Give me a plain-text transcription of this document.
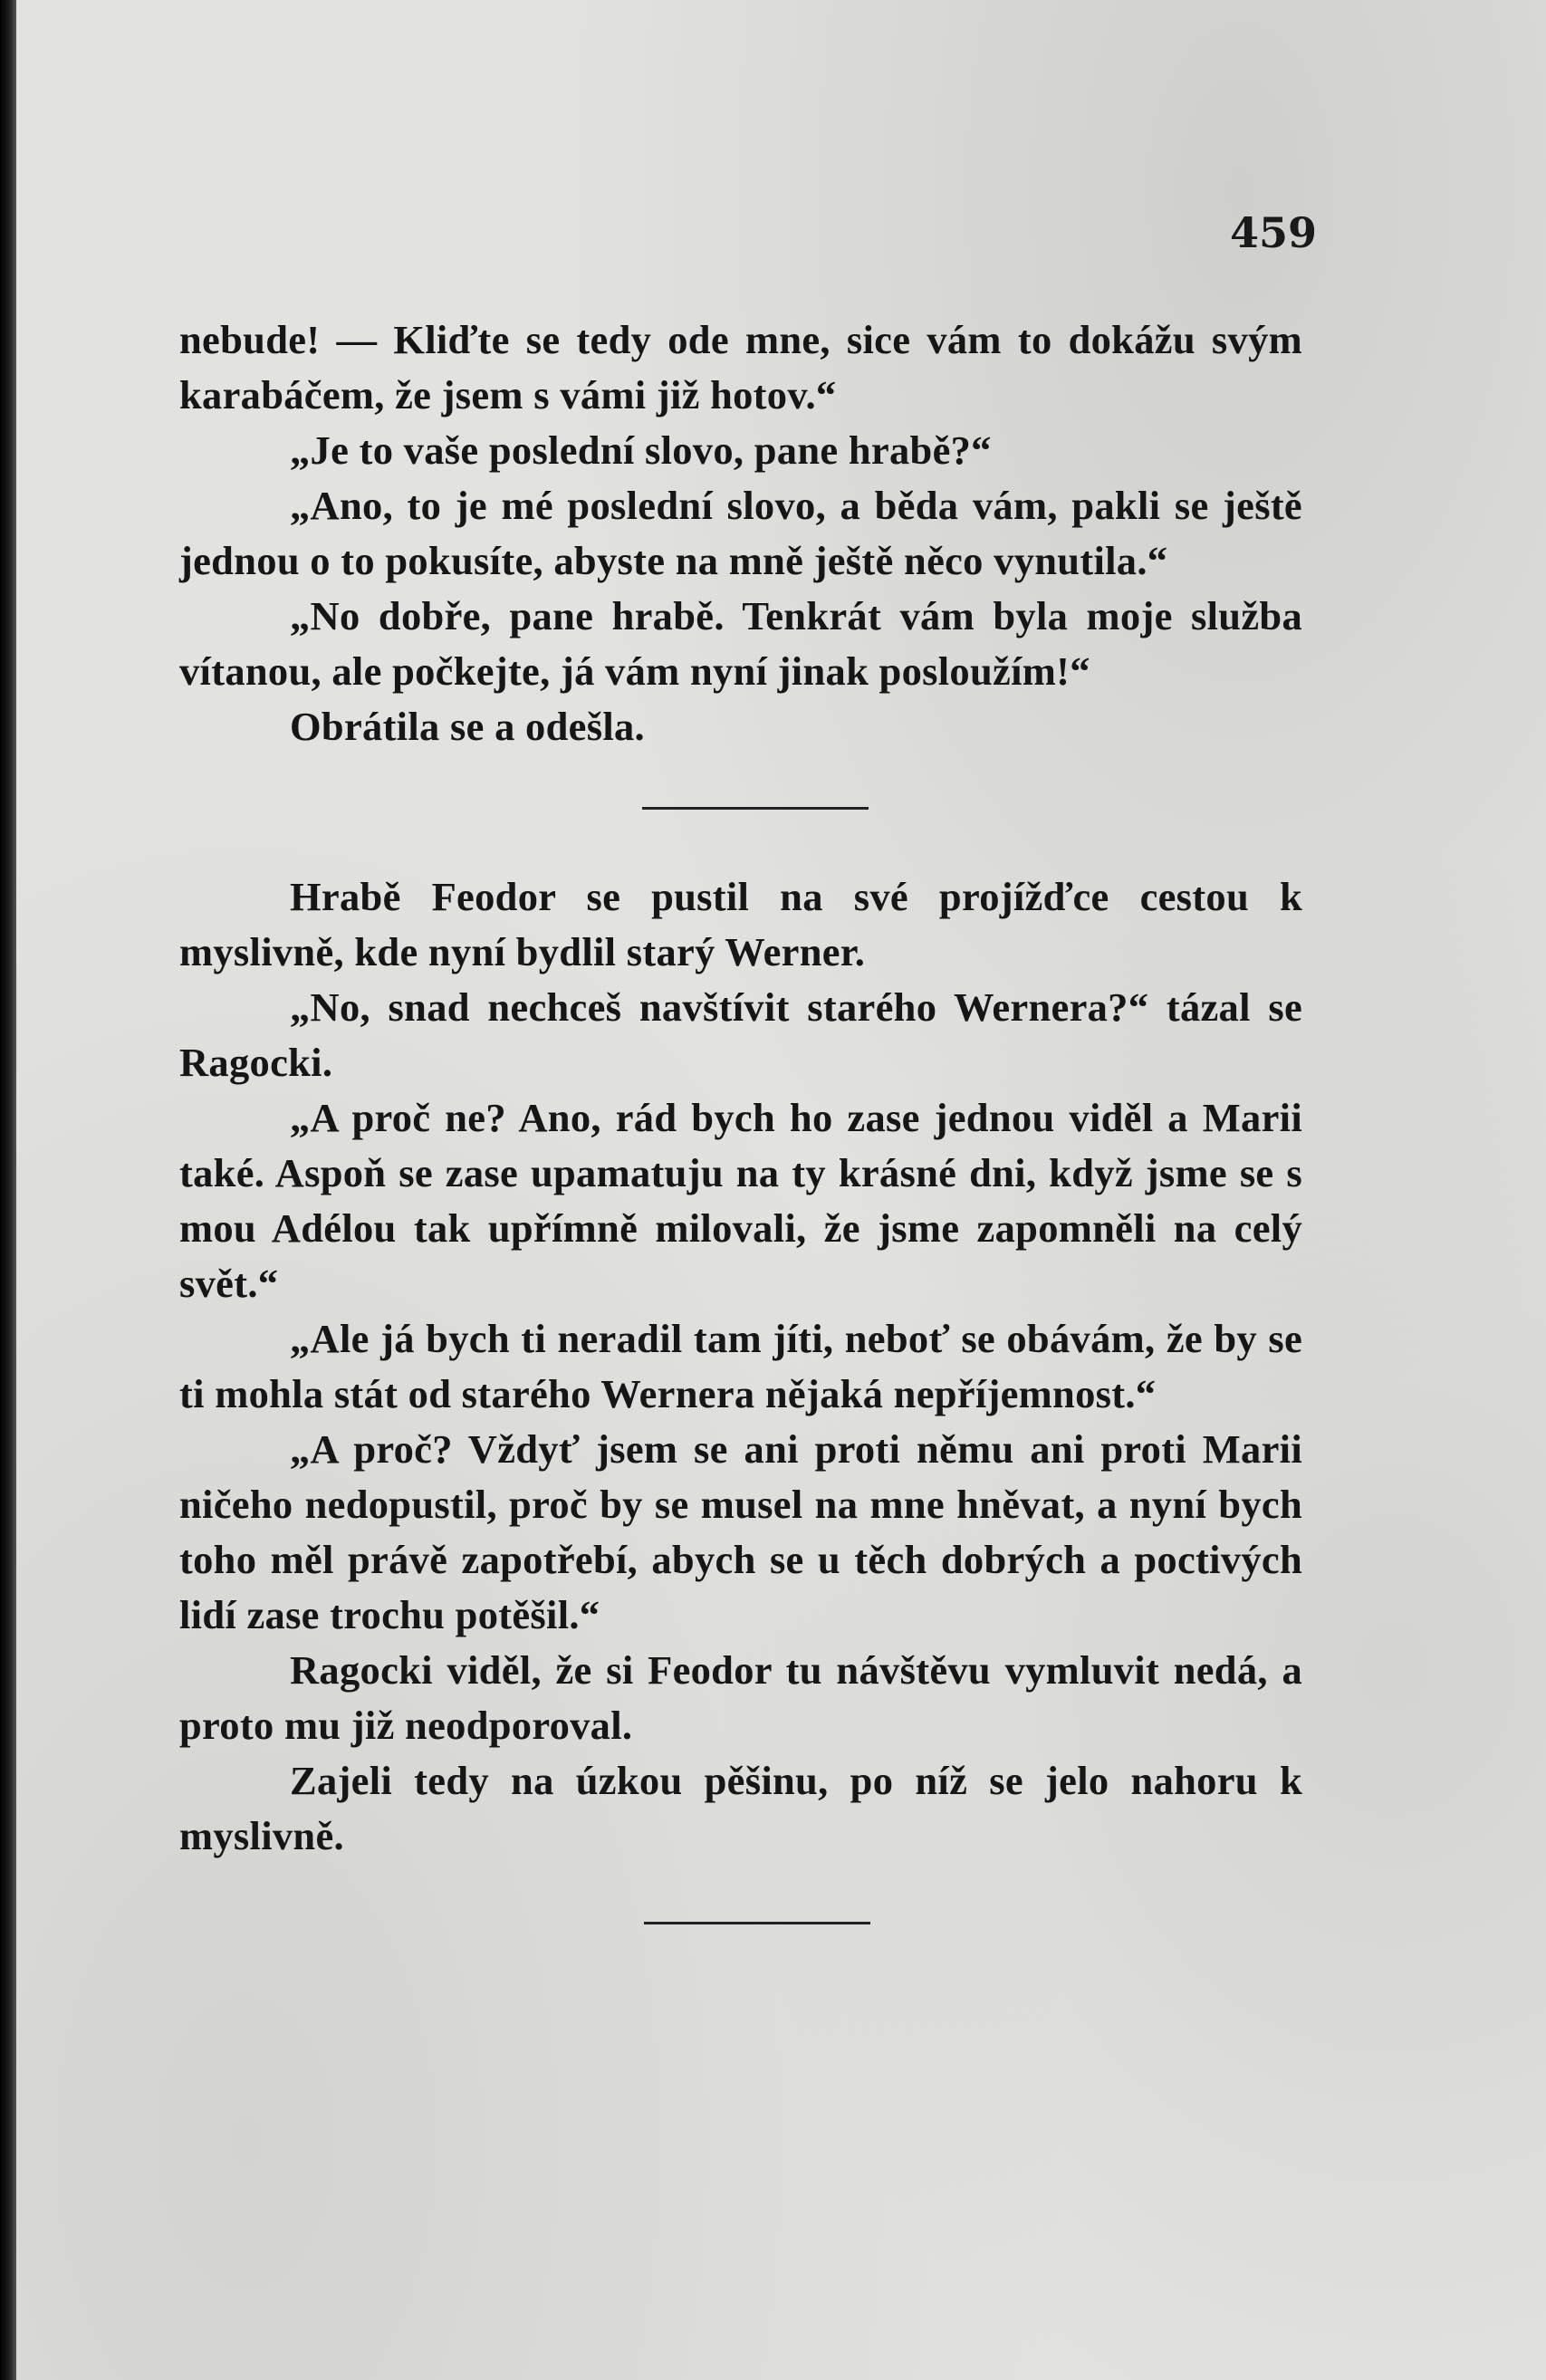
459

nebude! — Kliďte se tedy ode mne, sice vám to dokážu svým karabáčem, že jsem s vámi již hotov.“

„Je to vaše poslední slovo, pane hrabě?“

„Ano, to je mé poslední slovo, a běda vám, pakli se ještě jednou o to pokusíte, abyste na mně ještě něco vynutila.“

„No dobře, pane hrabě. Tenkrát vám byla moje služba vítanou, ale počkejte, já vám nyní jinak posloužím!“

Obrátila se a odešla.

Hrabě Feodor se pustil na své projížďce cestou k myslivně, kde nyní bydlil starý Werner.

„No, snad nechceš navštívit starého Wernera?“ tázal se Ragocki.

„A proč ne? Ano, rád bych ho zase jednou viděl a Marii také. Aspoň se zase upamatuju na ty krásné dni, když jsme se s mou Adélou tak upřímně milovali, že jsme zapomněli na celý svět.“

„Ale já bych ti neradil tam jíti, neboť se obávám, že by se ti mohla stát od starého Wernera nějaká nepříjemnost.“

„A proč? Vždyť jsem se ani proti němu ani proti Marii ničeho nedopustil, proč by se musel na mne hněvat, a nyní bych toho měl právě zapotřebí, abych se u těch dobrých a poctivých lidí zase trochu potěšil.“

Ragocki viděl, že si Feodor tu návštěvu vymluvit nedá, a proto mu již neodporoval.

Zajeli tedy na úzkou pěšinu, po níž se jelo nahoru k myslivně.
